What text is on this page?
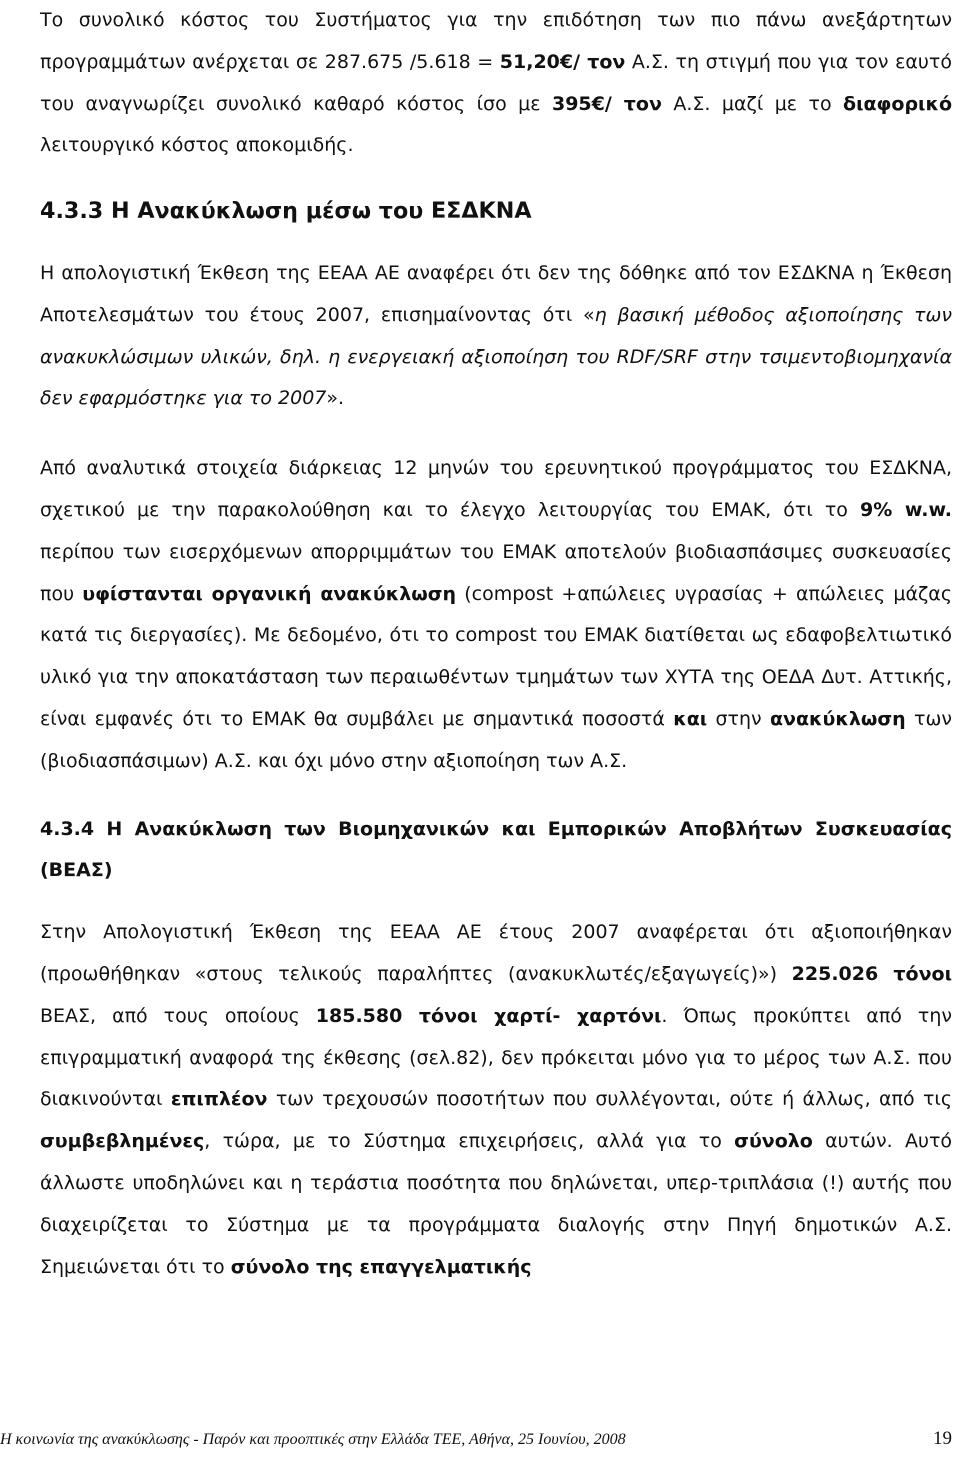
Το συνολικό κόστος του Συστήματος για την επιδότηση των πιο πάνω ανεξάρτητων προγραμμάτων ανέρχεται σε 287.675 /5.618 = 51,20€/ τον Α.Σ. τη στιγμή που για τον εαυτό του αναγνωρίζει συνολικό καθαρό κόστος ίσο με 395€/ τον Α.Σ. μαζί με το διαφορικό λειτουργικό κόστος αποκομιδής.

4.3.3 Η Ανακύκλωση μέσω του ΕΣΔΚΝΑ

Η απολογιστική Έκθεση της ΕΕΑΑ ΑΕ αναφέρει ότι δεν της δόθηκε από τον ΕΣΔΚΝΑ η Έκθεση Αποτελεσμάτων του έτους 2007, επισημαίνοντας ότι «η βασική μέθοδος αξιοποίησης των ανακυκλώσιμων υλικών, δηλ. η ενεργειακή αξιοποίηση του RDF/SRF στην τσιμεντοβιομηχανία δεν εφαρμόστηκε για το 2007».

Από αναλυτικά στοιχεία διάρκειας 12 μηνών του ερευνητικού προγράμματος του ΕΣΔΚΝΑ, σχετικού με την παρακολούθηση και το έλεγχο λειτουργίας του ΕΜΑΚ, ότι το 9% w.w. περίπου των εισερχόμενων απορριμμάτων του ΕΜΑΚ αποτελούν βιοδιασπάσιμες συσκευασίες που υφίστανται οργανική ανακύκλωση (compost +απώλειες υγρασίας + απώλειες μάζας κατά τις διεργασίες). Με δεδομένο, ότι το compost του ΕΜΑΚ διατίθεται ως εδαφοβελτιωτικό υλικό για την αποκατάσταση των περαιωθέντων τμημάτων των ΧΥΤΑ της ΟΕΔΑ Δυτ. Αττικής, είναι εμφανές ότι το ΕΜΑΚ θα συμβάλει με σημαντικά ποσοστά και στην ανακύκλωση των (βιοδιασπάσιμων) Α.Σ. και όχι μόνο στην αξιοποίηση των Α.Σ.

4.3.4 Η Ανακύκλωση των Βιομηχανικών και Εμπορικών Αποβλήτων Συσκευασίας (ΒΕΑΣ)

Στην Απολογιστική Έκθεση της ΕΕΑΑ ΑΕ έτους 2007 αναφέρεται ότι αξιοποιήθηκαν (προωθήθηκαν «στους τελικούς παραλήπτες (ανακυκλωτές/εξαγωγείς)») 225.026 τόνοι ΒΕΑΣ, από τους οποίους 185.580 τόνοι χαρτί- χαρτόνι. Όπως προκύπτει από την επιγραμματική αναφορά της έκθεσης (σελ.82), δεν πρόκειται μόνο για το μέρος των Α.Σ. που διακινούνται επιπλέον των τρεχουσών ποσοτήτων που συλλέγονται, ούτε ή άλλως, από τις συμβεβλημένες, τώρα, με το Σύστημα επιχειρήσεις, αλλά για το σύνολο αυτών. Αυτό άλλωστε υποδηλώνει και η τεράστια ποσότητα που δηλώνεται, υπερ-τριπλάσια (!) αυτής που διαχειρίζεται το Σύστημα με τα προγράμματα διαλογής στην Πηγή δημοτικών Α.Σ. Σημειώνεται ότι το σύνολο της επαγγελματικής

Η κοινωνία της ανακύκλωσης - Παρόν και προοπτικές στην Ελλάδα ΤΕΕ, Αθήνα, 25 Ιουνίου, 2008	19
